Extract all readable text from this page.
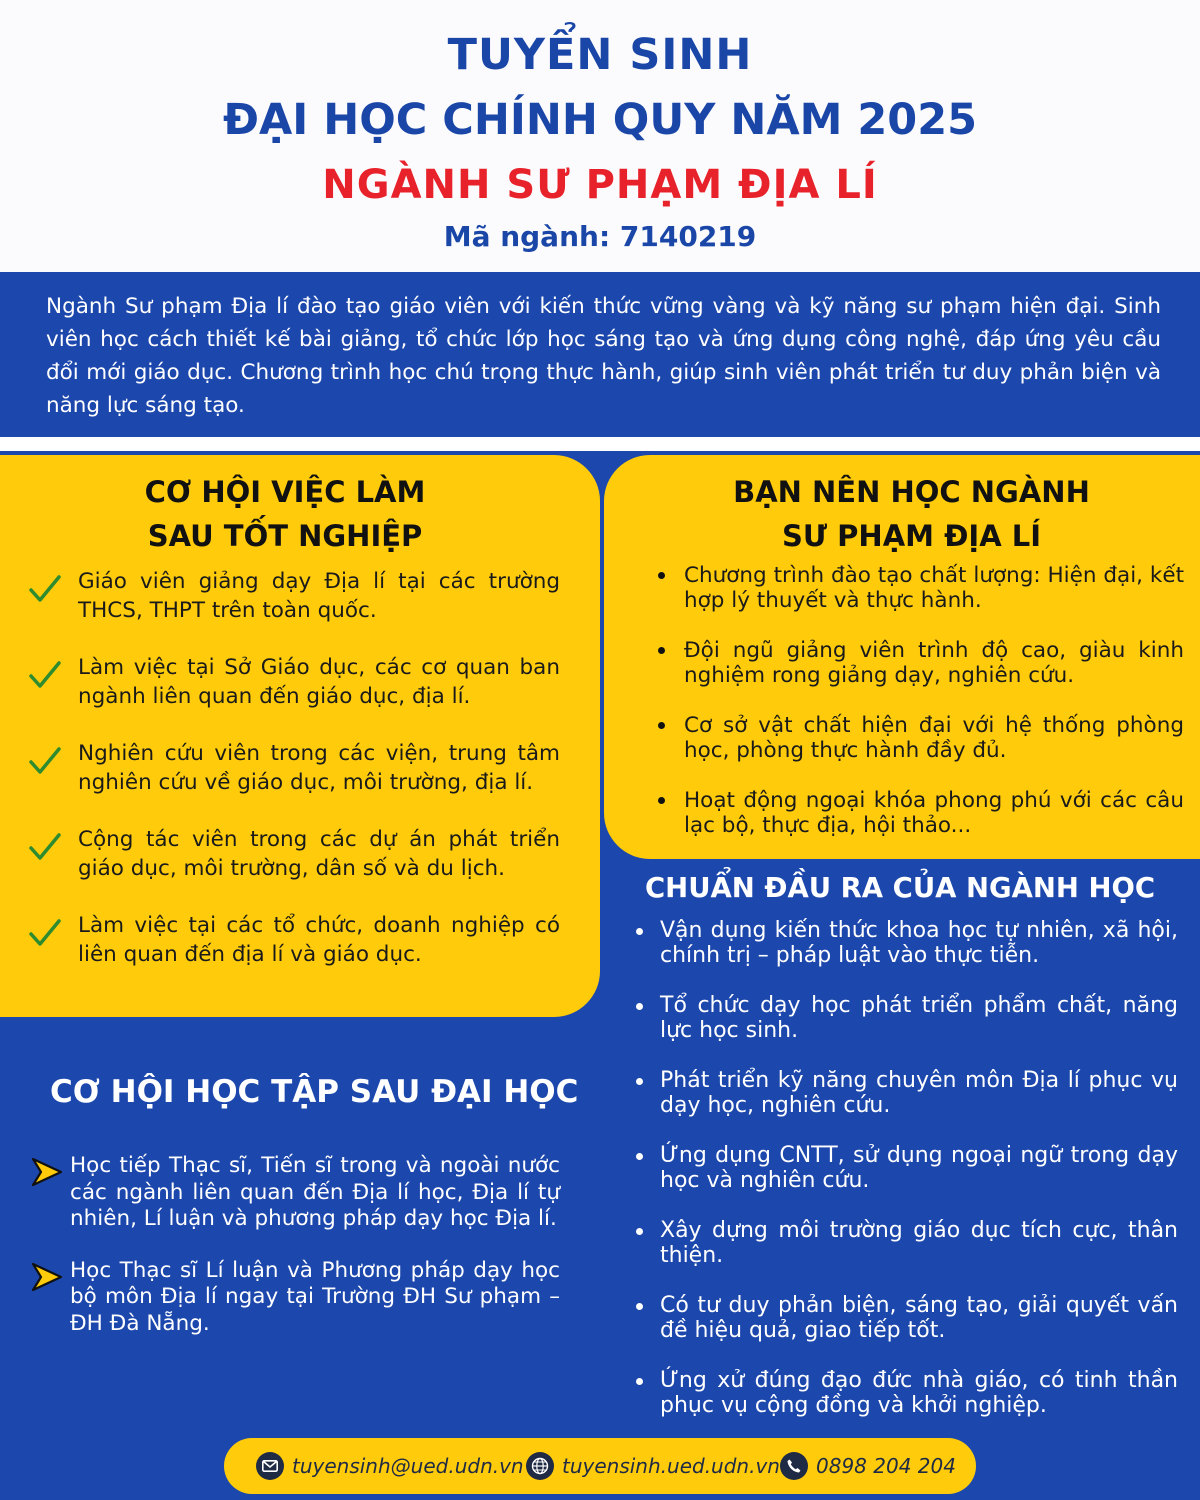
TUYỂN SINH
ĐẠI HỌC CHÍNH QUY NĂM 2025
NGÀNH SƯ PHẠM ĐỊA LÍ
Mã ngành: 7140219
Ngành Sư phạm Địa lí đào tạo giáo viên với kiến thức vững vàng và kỹ năng sư phạm hiện đại. Sinh viên học cách thiết kế bài giảng, tổ chức lớp học sáng tạo và ứng dụng công nghệ, đáp ứng yêu cầu đổi mới giáo dục. Chương trình học chú trọng thực hành, giúp sinh viên phát triển tư duy phản biện và năng lực sáng tạo.
CƠ HỘI VIỆC LÀM
SAU TỐT NGHIỆP
Giáo viên giảng dạy Địa lí tại các trường THCS, THPT trên toàn quốc.
Làm việc tại Sở Giáo dục, các cơ quan ban ngành liên quan đến giáo dục, địa lí.
Nghiên cứu viên trong các viện, trung tâm nghiên cứu về giáo dục, môi trường, địa lí.
Cộng tác viên trong các dự án phát triển giáo dục, môi trường, dân số và du lịch.
Làm việc tại các tổ chức, doanh nghiệp có liên quan đến địa lí và giáo dục.
BẠN NÊN HỌC NGÀNH
SƯ PHẠM ĐỊA LÍ
Chương trình đào tạo chất lượng: Hiện đại, kết hợp lý thuyết và thực hành.
Đội ngũ giảng viên trình độ cao, giàu kinh nghiệm rong giảng dạy, nghiên cứu.
Cơ sở vật chất hiện đại với hệ thống phòng học, phòng thực hành đầy đủ.
Hoạt động ngoại khóa phong phú với các câu lạc bộ, thực địa, hội thảo...
CƠ HỘI HỌC TẬP SAU ĐẠI HỌC
Học tiếp Thạc sĩ, Tiến sĩ trong và ngoài nước các ngành liên quan đến Địa lí học, Địa lí tự nhiên, Lí luận và phương pháp dạy học Địa lí.
Học Thạc sĩ Lí luận và Phương pháp dạy học bộ môn Địa lí ngay tại Trường ĐH Sư phạm – ĐH Đà Nẵng.
CHUẨN ĐẦU RA CỦA NGÀNH HỌC
Vận dụng kiến thức khoa học tự nhiên, xã hội, chính trị – pháp luật vào thực tiễn.
Tổ chức dạy học phát triển phẩm chất, năng lực học sinh.
Phát triển kỹ năng chuyên môn Địa lí phục vụ dạy học, nghiên cứu.
Ứng dụng CNTT, sử dụng ngoại ngữ trong dạy học và nghiên cứu.
Xây dựng môi trường giáo dục tích cực, thân thiện.
Có tư duy phản biện, sáng tạo, giải quyết vấn đề hiệu quả, giao tiếp tốt.
Ứng xử đúng đạo đức nhà giáo, có tinh thần phục vụ cộng đồng và khởi nghiệp.
tuyensinh@ued.udn.vn tuyensinh.ued.udn.vn 0898 204 204
